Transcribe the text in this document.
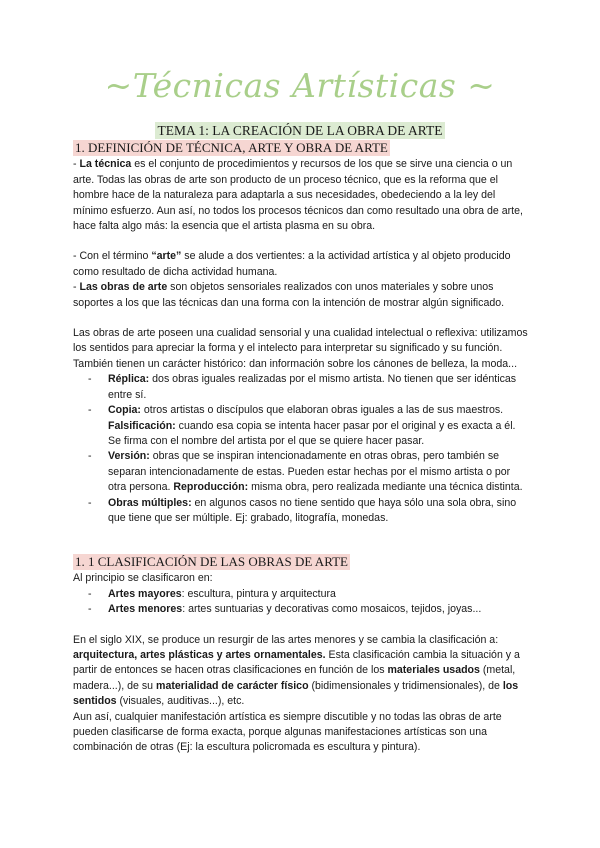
~Técnicas Artísticas ~
TEMA 1: LA CREACIÓN DE LA OBRA DE ARTE
1. DEFINICIÓN DE TÉCNICA, ARTE Y OBRA DE ARTE

- La técnica es el conjunto de procedimientos y recursos de los que se sirve una ciencia o un arte. Todas las obras de arte son producto de un proceso técnico, que es la reforma que el hombre hace de la naturaleza para adaptarla a sus necesidades, obedeciendo a la ley del mínimo esfuerzo. Aun así, no todos los procesos técnicos dan como resultado una obra de arte, hace falta algo más: la esencia que el artista plasma en su obra.

- Con el término “arte” se alude a dos vertientes: a la actividad artística y al objeto producido como resultado de dicha actividad humana.

- Las obras de arte son objetos sensoriales realizados con unos materiales y sobre unos soportes a los que las técnicas dan una forma con la intención de mostrar algún significado.

Las obras de arte poseen una cualidad sensorial y una cualidad intelectual o reflexiva: utilizamos los sentidos para apreciar la forma y el intelecto para interpretar su significado y su función. También tienen un carácter histórico: dan información sobre los cánones de belleza, la moda...

- Réplica: dos obras iguales realizadas por el mismo artista. No tienen que ser idénticas entre sí.
- Copia: otros artistas o discípulos que elaboran obras iguales a las de sus maestros. Falsificación: cuando esa copia se intenta hacer pasar por el original y es exacta a él. Se firma con el nombre del artista por el que se quiere hacer pasar.
- Versión: obras que se inspiran intencionadamente en otras obras, pero también se separan intencionadamente de estas. Pueden estar hechas por el mismo artista o por otra persona. Reproducción: misma obra, pero realizada mediante una técnica distinta.
- Obras múltiples: en algunos casos no tiene sentido que haya sólo una sola obra, sino que tiene que ser múltiple. Ej: grabado, litografía, monedas.
1. 1 CLASIFICACIÓN DE LAS OBRAS DE ARTE

Al principio se clasificaron en:

- Artes mayores: escultura, pintura y arquitectura
- Artes menores: artes suntuarias y decorativas como mosaicos, tejidos, joyas...

En el siglo XIX, se produce un resurgir de las artes menores y se cambia la clasificación a: arquitectura, artes plásticas y artes ornamentales. Esta clasificación cambia la situación y a partir de entonces se hacen otras clasificaciones en función de los materiales usados (metal, madera...), de su materialidad de carácter físico (bidimensionales y tridimensionales), de los sentidos (visuales, auditivas...), etc.

Aun así, cualquier manifestación artística es siempre discutible y no todas las obras de arte pueden clasificarse de forma exacta, porque algunas manifestaciones artísticas son una combinación de otras (Ej: la escultura policromada es escultura y pintura).
